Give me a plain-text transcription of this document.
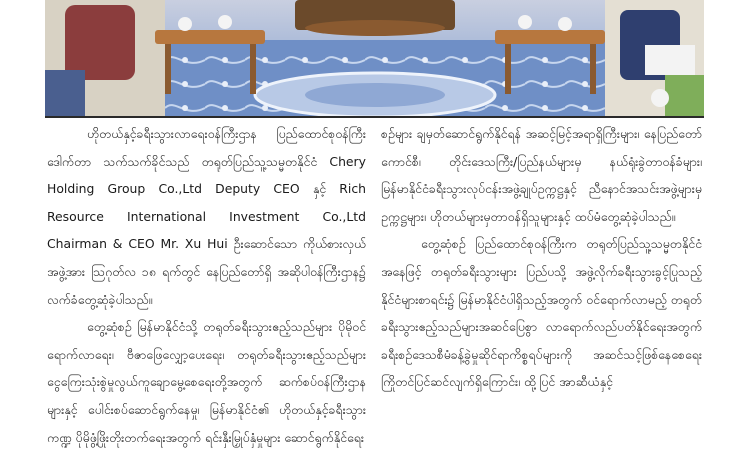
ဟိုတယ်နှင့်ခရီးသွားလာရေးဝန်ကြီးဌာန ပြည်ထောင်စုဝန်ကြီး ဒေါက်တာ သက်သက်ခိုင်သည် တရုတ်ပြည်သူ့သမ္မတနိုင်ငံ Chery Holding Group Co.,Ltd Deputy CEO နှင့် Rich Resource International Investment Co.,Ltd Chairman & CEO Mr. Xu Hui ဦးဆောင်သော ကိုယ်စားလှယ်အဖွဲ့အား ဩဂုတ်လ ၁၈ ရက်တွင် နေပြည်တော်ရှိ အဆိုပါဝန်ကြီးဌာန၌ လက်ခံတွေ့ဆုံခဲ့ပါသည်။

တွေ့ဆုံစဉ် မြန်မာနိုင်ငံသို့ တရုတ်ခရီးသွားဧည့်သည်များ ပိုမိုဝင်ရောက်လာရေး၊ ဗီဇာဖြေလျှော့ပေးရေး၊ တရုတ်ခရီးသွားဧည့်သည်များ ငွေကြေးသုံးစွဲမှုလွယ်ကူချောမွေ့စေရေးတို့အတွက် ဆက်စပ်ဝန်ကြီးဌာနများနှင့် ပေါင်းစပ်ဆောင်ရွက်နေမှု၊ မြန်မာနိုင်ငံ၏ ဟိုတယ်နှင့်ခရီးသွားကဏ္ဍ ပိုမိုဖွံ့ဖြိုးတိုးတက်ရေးအတွက် ရင်းနှီးမြှုပ်နှံမှုများ ဆောင်ရွက်နိုင်ရေး

စဉ်များ ချမှတ်ဆောင်ရွက်နိုင်ရန် အဆင့်မြင့်အရာရှိကြီးများ၊ နေပြည်တော်ကောင်စီ၊ တိုင်းဒေသကြီး/ပြည်နယ်များမှ နယ်ရုံးခွဲတာဝန်ခံများ၊ မြန်မာနိုင်ငံခရီးသွားလုပ်ငန်းအဖွဲ့ချုပ်ဥက္ကဋ္ဌနှင့် ညီနောင်အသင်းအဖွဲ့များမှ ဥက္ကဋ္ဌများ၊ ဟိုတယ်များမှတာဝန်ရှိသူများနှင့် ထပ်မံတွေ့ဆုံခဲ့ပါသည်။

တွေ့ဆုံစဉ် ပြည်ထောင်စုဝန်ကြီးက တရုတ်ပြည်သူ့သမ္မတနိုင်ငံအနေဖြင့် တရုတ်ခရီးသွားများ ပြည်ပသို့ အဖွဲ့လိုက်ခရီးသွားခွင့်ပြုသည့် နိုင်ငံများစာရင်း၌ မြန်မာနိုင်ငံပါရှိသည့်အတွက် ဝင်ရောက်လာမည့် တရုတ်ခရီးသွားဧည့်သည်များအဆင်ပြေစွာ လာရောက်လည်ပတ်နိုင်ရေးအတွက် ခရီးစဉ်ဒေသစီမံခန့်ခွဲမှုဆိုင်ရာကိစ္စရပ်များကို အဆင်သင့်ဖြစ်နေစေရေး ကြိုတင်ပြင်ဆင်လျက်ရှိကြောင်း၊ ထို့ပြင် အာဆီယံနှင့်
